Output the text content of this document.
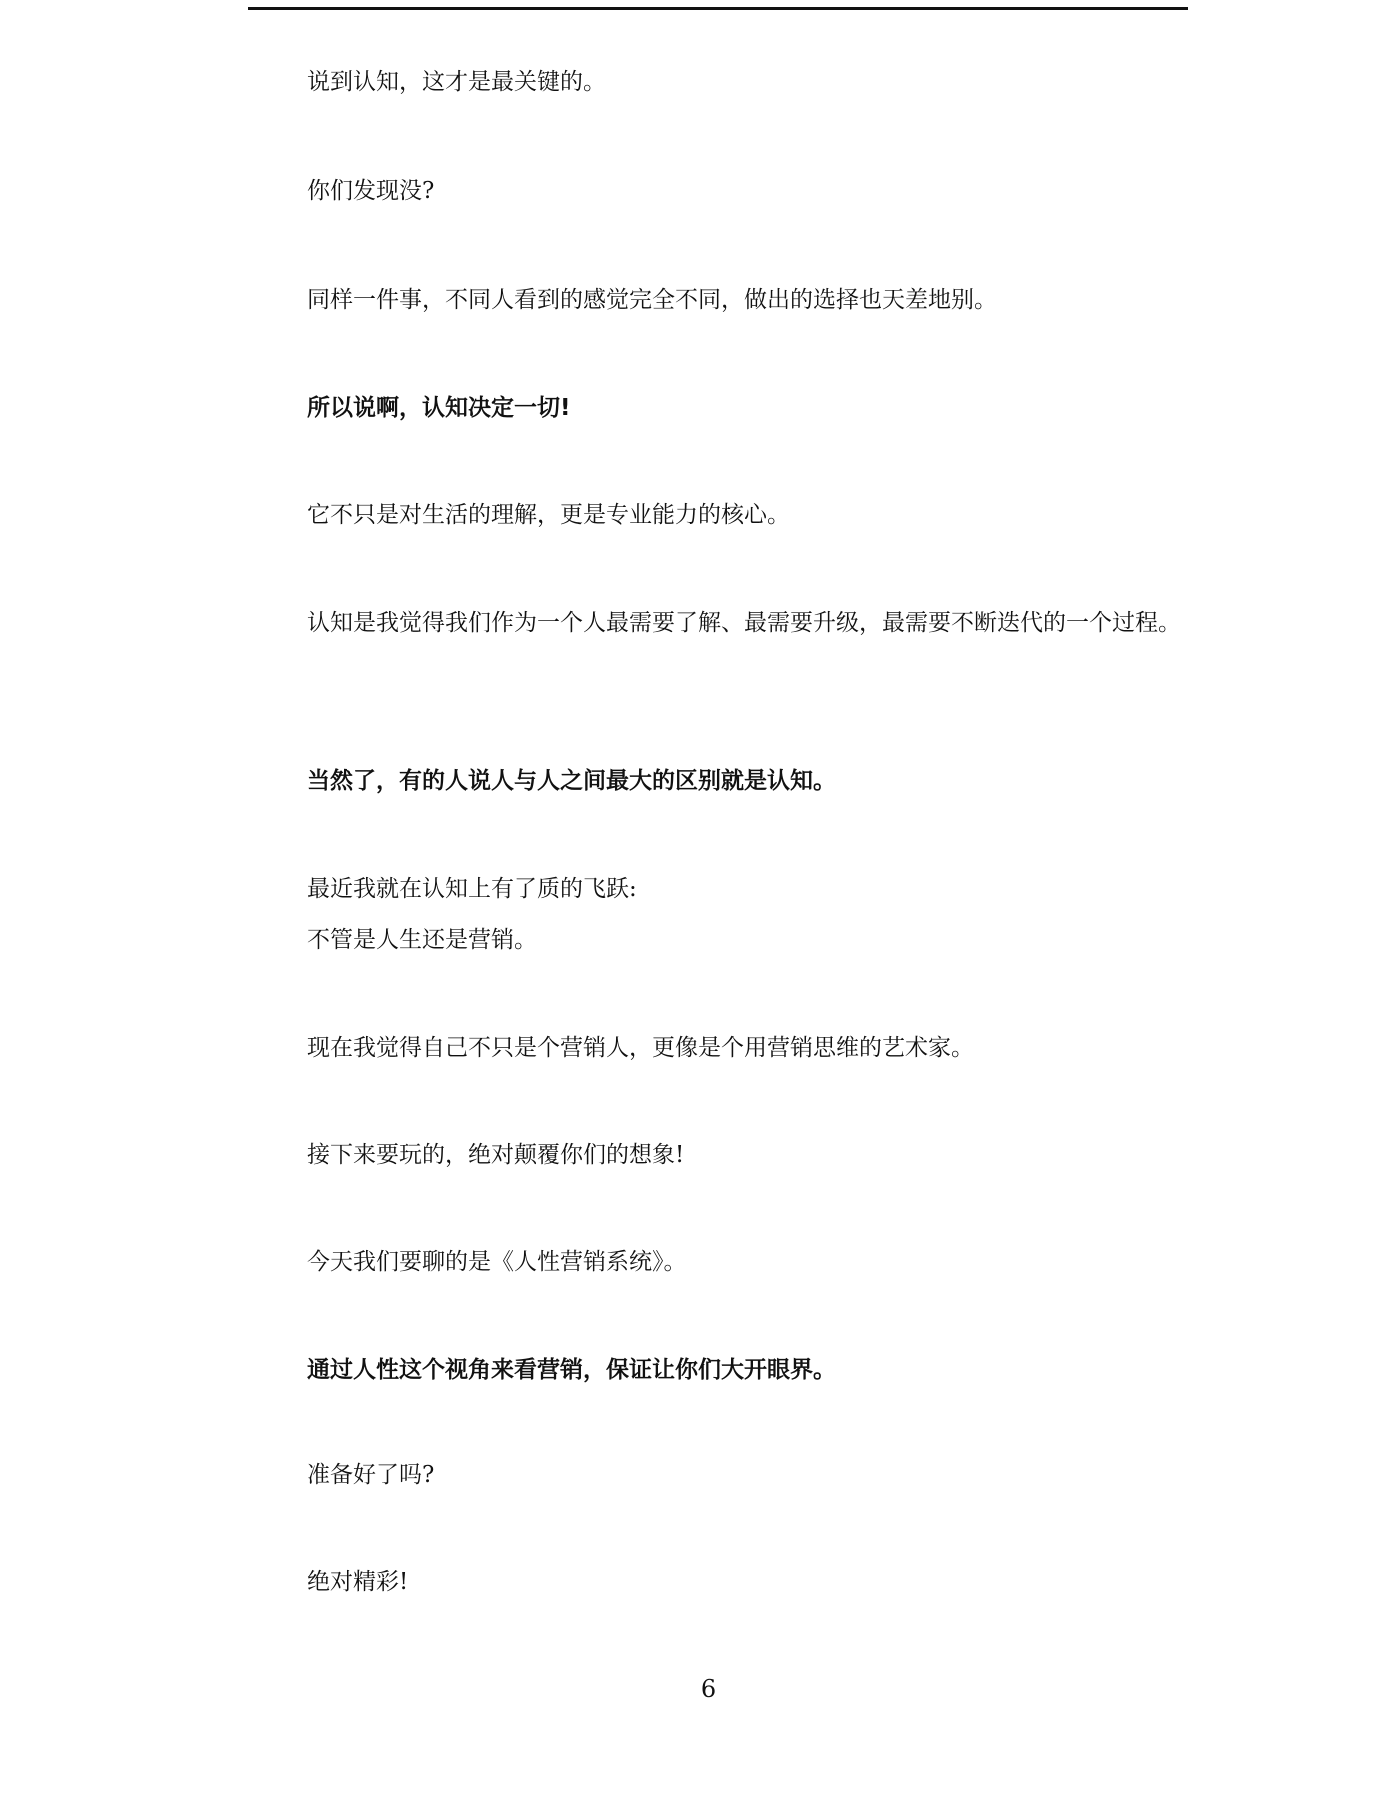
说到认知，这才是最关键的。
你们发现没?
同样一件事，不同人看到的感觉完全不同，做出的选择也天差地别。
所以说啊，认知决定一切!
它不只是对生活的理解，更是专业能力的核心。

认知是我觉得我们作为一个人最需要了解、最需要升级，最需要不断迭代的一个过程。

当然了，有的人说人与人之间最大的区别就是认知。
最近我就在认知上有了质的飞跃:
不管是人生还是营销。
现在我觉得自己不只是个营销人，更像是个用营销思维的艺术家。
接下来要玩的，绝对颠覆你们的想象!
今天我们要聊的是《人性营销系统》。
通过人性这个视角来看营销，保证让你们大开眼界。
准备好了吗?
绝对精彩!
6
